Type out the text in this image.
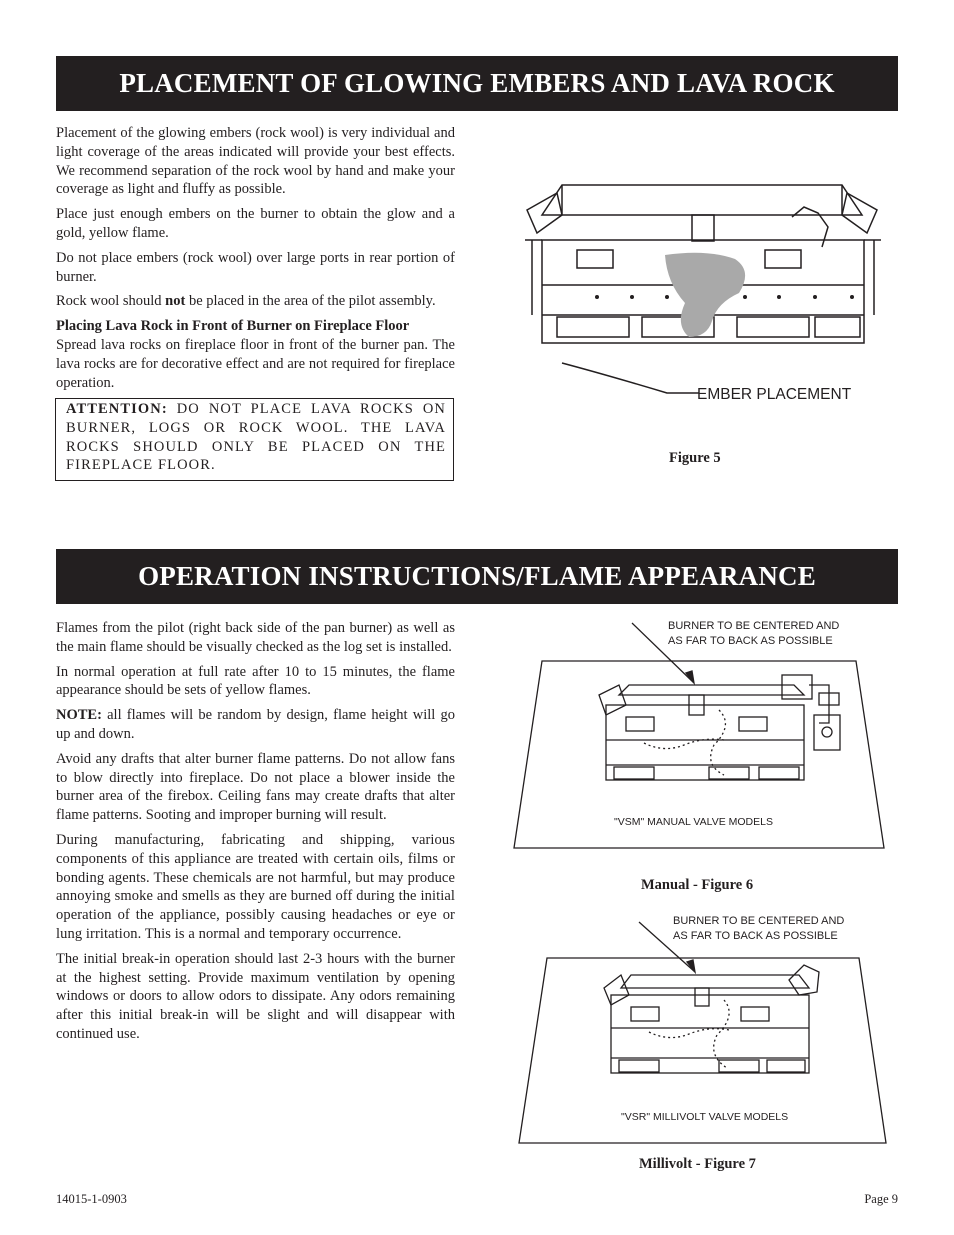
PLACEMENT OF GLOWING EMBERS AND LAVA ROCK

Placement of the glowing embers (rock wool) is very individual and light coverage of the areas indicated will provide your best effects. We recommend separation of the rock wool by hand and make your coverage as light and fluffy as possible.

Place just enough embers on the burner to obtain the glow and a gold, yellow flame.

Do not place embers (rock wool) over large ports in rear portion of burner.

Rock wool should not be placed in the area of the pilot assembly.

Placing Lava Rock in Front of Burner on Fireplace Floor

Spread lava rocks on fireplace floor in front of the burner pan. The lava rocks are for decorative effect and are not required for fireplace operation.

ATTENTION: DO NOT PLACE LAVA ROCKS ON BURNER, LOGS OR ROCK WOOL. THE LAVA ROCKS SHOULD ONLY BE PLACED ON THE FIREPLACE FLOOR.
EMBER PLACEMENT
Figure 5
OPERATION INSTRUCTIONS/FLAME APPEARANCE

Flames from the pilot (right back side of the pan burner) as well as the main flame should be visually checked as the log set is installed.

In normal operation at full rate after 10 to 15 minutes, the flame appearance should be sets of yellow flames.

NOTE: all flames will be random by design, flame height will go up and down.

Avoid any drafts that alter burner flame patterns. Do not allow fans to blow directly into fireplace. Do not place a blower inside the burner area of the firebox. Ceiling fans may create drafts that alter flame patterns. Sooting and improper burning will result.

During manufacturing, fabricating and shipping, various components of this appliance are treated with certain oils, films or bonding agents. These chemicals are not harmful, but may produce annoying smoke and smells as they are burned off during the initial operation of the appliance, possibly causing headaches or eye or lung irritation. This is a normal and temporary occurrence.

The initial break-in operation should last 2-3 hours with the burner at the highest setting. Provide maximum ventilation by opening windows or doors to allow odors to dissipate. Any odors remaining after this initial break-in will be slight and will disappear with continued use.

BURNER TO BE CENTERED AND
AS FAR TO BACK AS POSSIBLE
"VSM" MANUAL VALVE MODELS
Manual - Figure 6
BURNER TO BE CENTERED AND
AS FAR TO BACK AS POSSIBLE
"VSR" MILLIVOLT VALVE MODELS
Millivolt - Figure 7
14015-1-0903	Page 9
